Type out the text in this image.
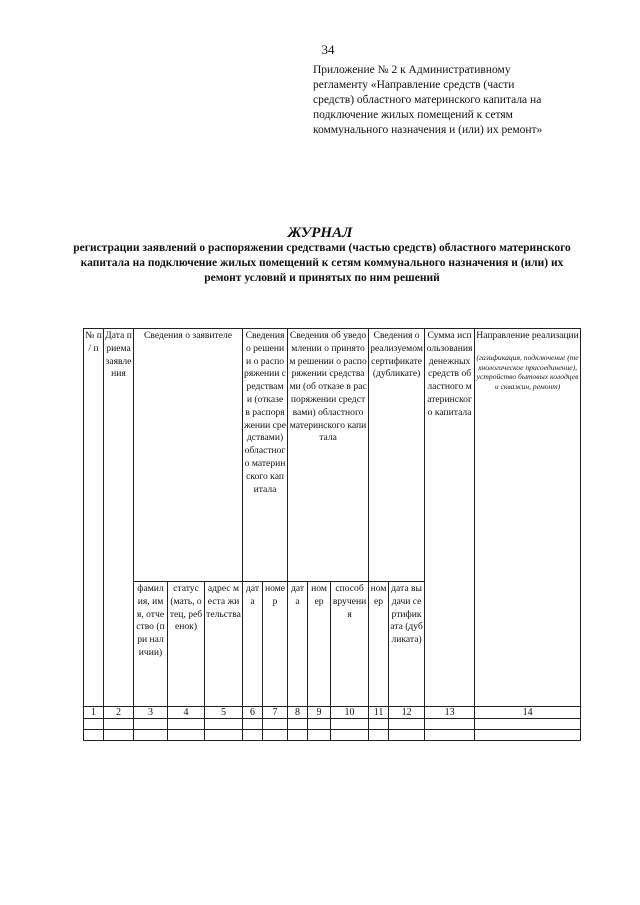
34
Приложение № 2 к Административному
регламенту «Направление средств (части
средств) областного материнского капитала на
подключение жилых помещений к сетям
коммунального назначения и (или) их ремонт»
ЖУРНАЛ
регистрации заявлений о распоряжении средствами (частью средств) областного материнского капитала на подключение жилых помещений к сетям коммунального назначения и (или) их ремонт условий и принятых по ним решений
№ п / п	Дата приема заявления	Сведения о заявителе			Сведения о решении о распоряжении средствами (отказе в распоряжении средствами) областного материнского капитала		Сведения об уведомлении о принятом решении о распоряжении средствами (об отказе в распоряжении средствами) областного материнского капитала			Сведения о реализуемом сертификате (дубликате)		Сумма использования денежных средств областного материнского капитала	Направление реализации
(газификация, подключение (технологическое присоединение), устройство бытовых колодцев и скважин, ремонт)

		фамилия, имя, отчество (при наличии)	статус (мать, отец, ребенок)	адрес места жительства	дата	номер	дата	номер	способ вручения	номер	дата выдачи сертификата (дубликата)		
1	2	3	4	5	6	7	8	9	10	11	12	13	14
